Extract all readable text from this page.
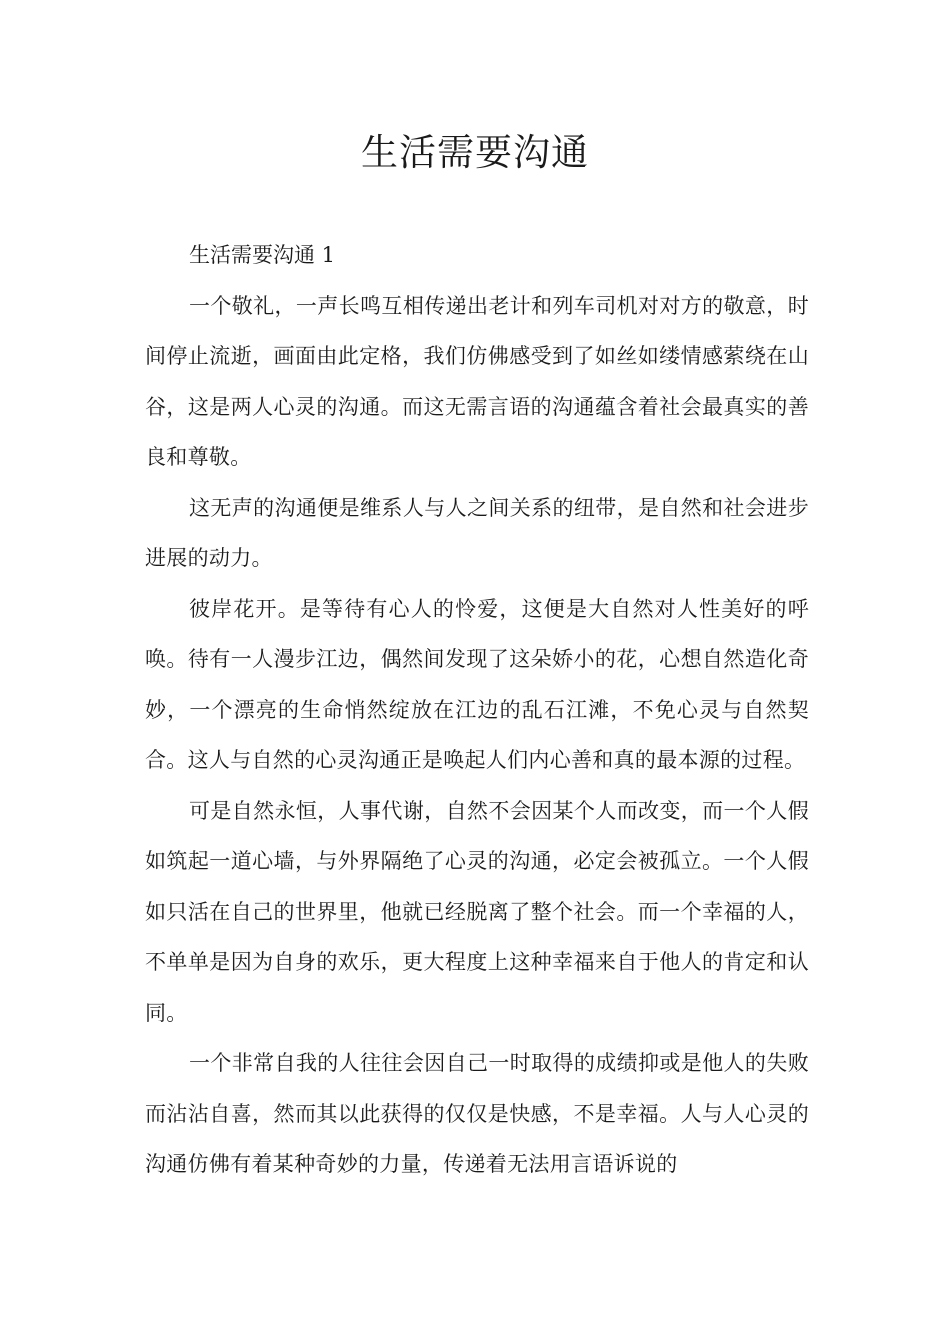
生活需要沟通

生活需要沟通 1

一个敬礼，一声长鸣互相传递出老计和列车司机对对方的敬意，时间停止流逝，画面由此定格，我们仿佛感受到了如丝如缕情感萦绕在山谷，这是两人心灵的沟通。而这无需言语的沟通蕴含着社会最真实的善良和尊敬。

这无声的沟通便是维系人与人之间关系的纽带，是自然和社会进步进展的动力。

彼岸花开。是等待有心人的怜爱，这便是大自然对人性美好的呼唤。待有一人漫步江边，偶然间发现了这朵娇小的花，心想自然造化奇妙，一个漂亮的生命悄然绽放在江边的乱石江滩，不免心灵与自然契合。这人与自然的心灵沟通正是唤起人们内心善和真的最本源的过程。

可是自然永恒，人事代谢，自然不会因某个人而改变，而一个人假如筑起一道心墙，与外界隔绝了心灵的沟通，必定会被孤立。一个人假如只活在自己的世界里，他就已经脱离了整个社会。而一个幸福的人，不单单是因为自身的欢乐，更大程度上这种幸福来自于他人的肯定和认同。

一个非常自我的人往往会因自己一时取得的成绩抑或是他人的失败而沾沾自喜，然而其以此获得的仅仅是快感，不是幸福。人与人心灵的沟通仿佛有着某种奇妙的力量，传递着无法用言语诉说的
